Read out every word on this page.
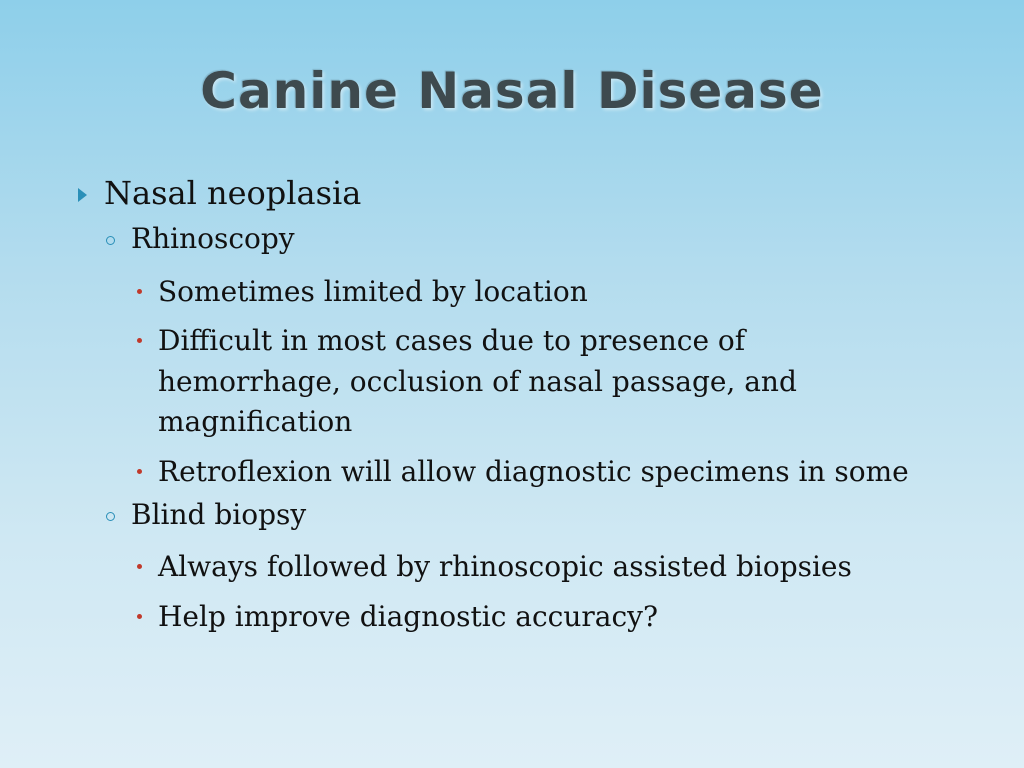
Canine Nasal Disease
Nasal neoplasia
Rhinoscopy
Sometimes limited by location
Difficult in most cases due to presence of
hemorrhage, occlusion of nasal passage, and
magnification
Retroflexion will allow diagnostic specimens in some
Blind biopsy
Always followed by rhinoscopic assisted biopsies
Help improve diagnostic accuracy?
